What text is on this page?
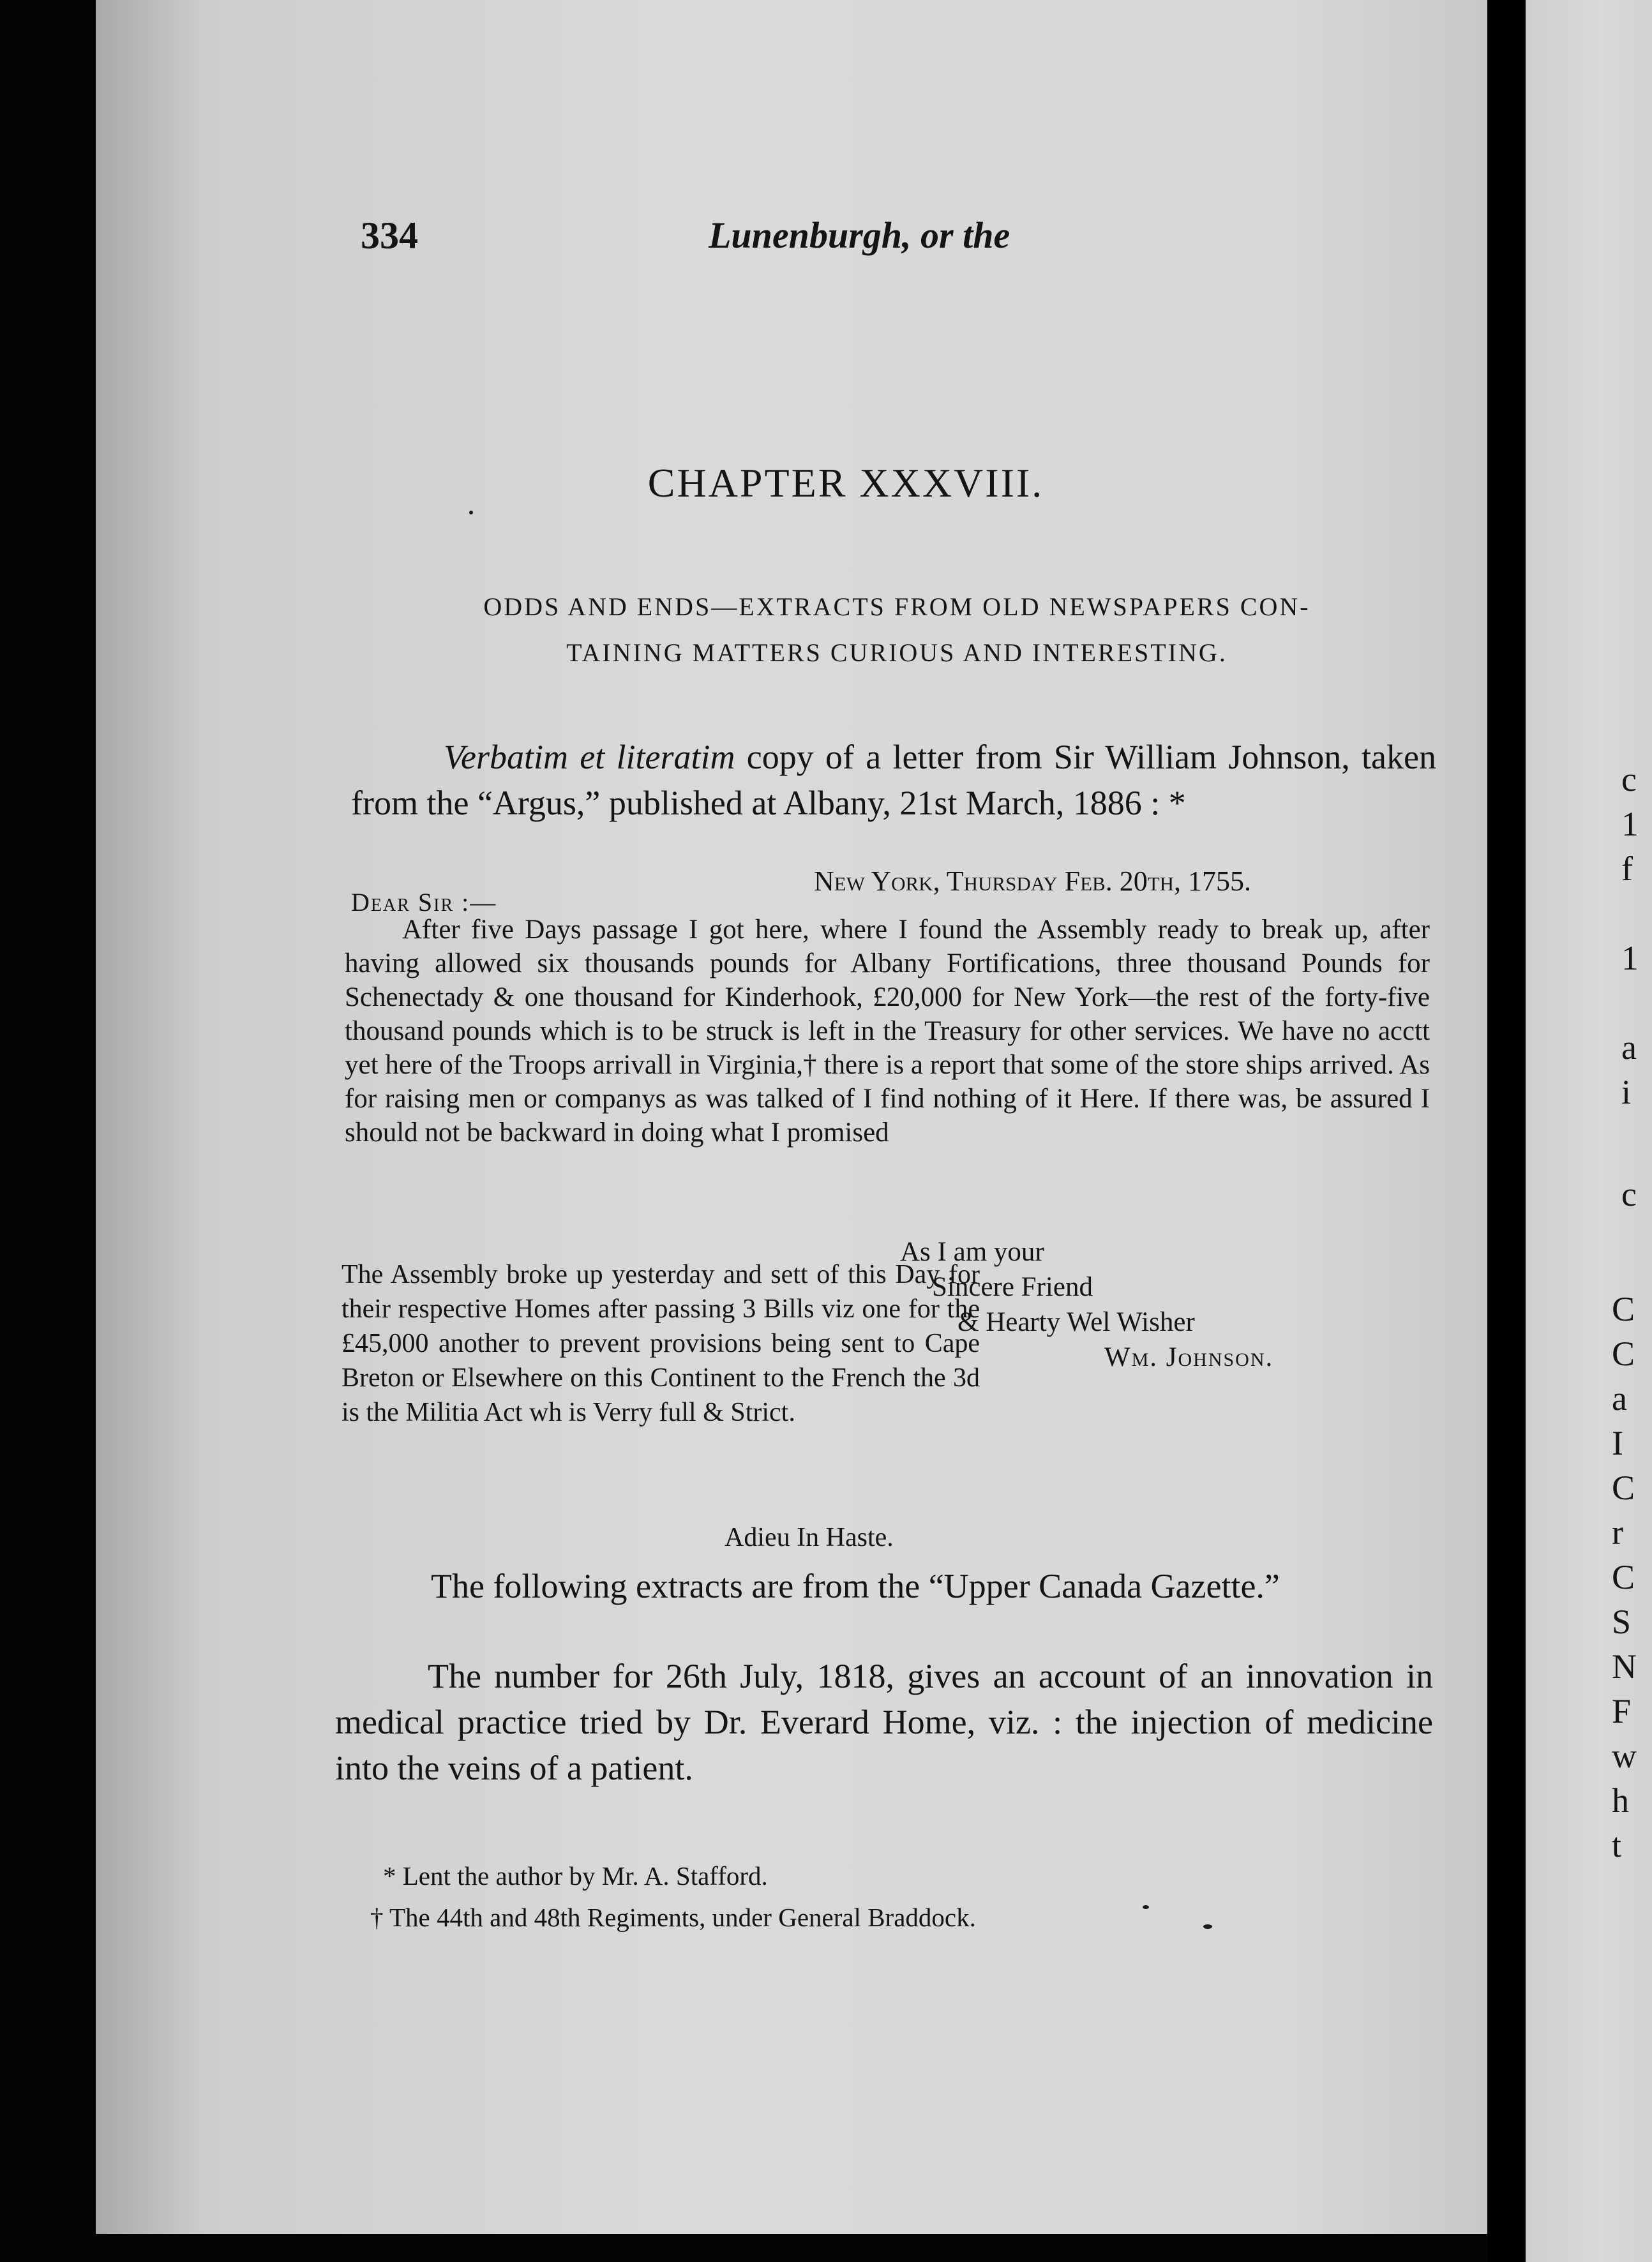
334	Lunenburgh, or the
CHAPTER XXXVIII.
ODDS AND ENDS—EXTRACTS FROM OLD NEWSPAPERS CON-
TAINING MATTERS CURIOUS AND INTERESTING.
Verbatim et literatim copy of a letter from Sir William Johnson, taken from the “Argus,” published at Albany, 21st March, 1886 : *
New York, Thursday Feb. 20th, 1755.
Dear Sir :—
After five Days passage I got here, where I found the Assembly ready to break up, after having allowed six thousands pounds for Albany Fortifications, three thousand Pounds for Schenectady & one thousand for Kinderhook, £20,000 for New York—the rest of the forty-five thousand pounds which is to be struck is left in the Treasury for other services. We have no acctt yet here of the Troops arrivall in Virginia,† there is a report that some of the store ships arrived. As for raising men or companys as was talked of I find nothing of it Here. If there was, be assured I should not be backward in doing what I promised
As I am your
Sincere Friend
& Hearty Wel Wisher
Wm. Johnson.
The Assembly broke up yesterday and sett of this Day for their respective Homes after passing 3 Bills viz one for the £45,000 another to prevent provisions being sent to Cape Breton or Elsewhere on this Continent to the French the 3d is the Militia Act wh is Verry full & Strict.
Adieu In Haste.
The following extracts are from the “Upper Canada Gazette.”
The number for 26th July, 1818, gives an account of an innovation in medical practice tried by Dr. Everard Home, viz. : the injection of medicine into the veins of a patient.
* Lent the author by Mr. A. Stafford.
† The 44th and 48th Regiments, under General Braddock.
c
1
f
1
a
i
c
C
C
a
I
C
r
C
S
N
F
w
h
t
